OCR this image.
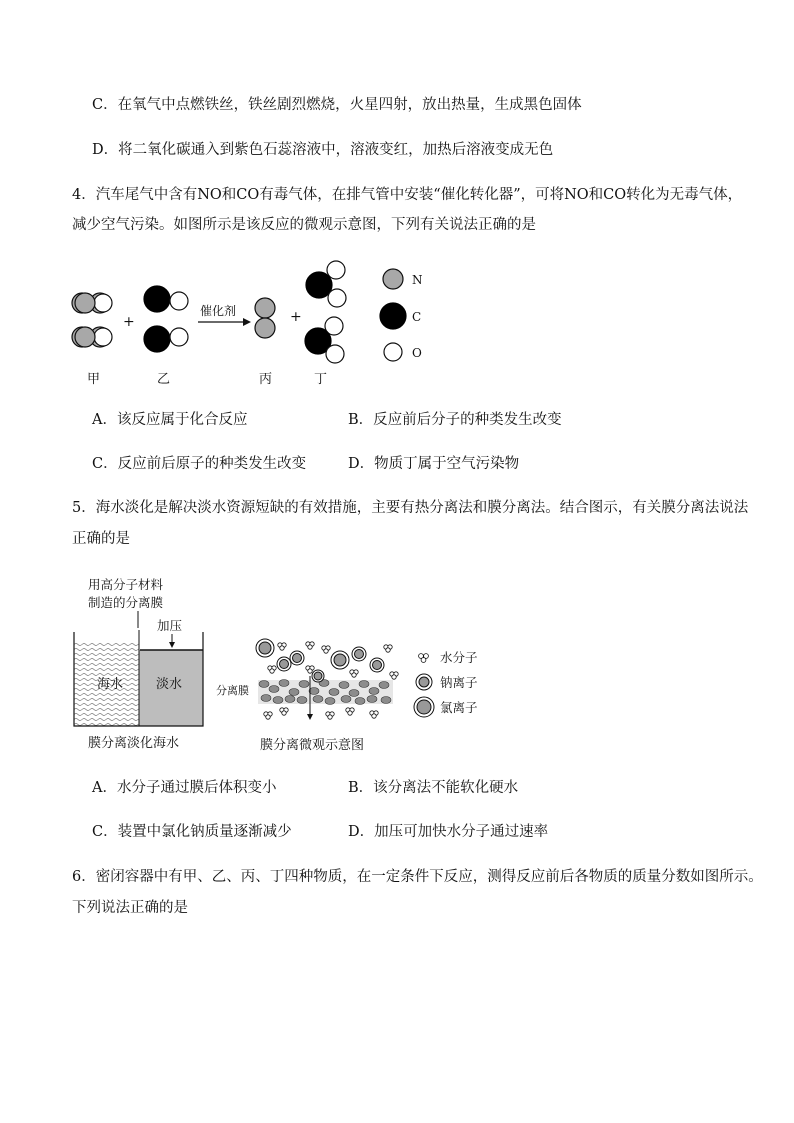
C．在氧气中点燃铁丝，铁丝剧烈燃烧，火星四射，放出热量，生成黑色固体
D．将二氧化碳通入到紫色石蕊溶液中，溶液变红，加热后溶液变成无色
4．汽车尾气中含有NO和CO有毒气体，在排气管中安装“催化转化器”，可将NO和CO转化为无毒气体，
减少空气污染。如图所示是该反应的微观示意图，下列有关说法正确的是
+
催化剂	+
N
C
O
甲	乙	丙	丁
A．该反应属于化合反应	B．反应前后分子的种类发生改变
C．反应前后原子的种类发生改变	D．物质丁属于空气污染物
5．海水淡化是解决淡水资源短缺的有效措施，主要有热分离法和膜分离法。结合图示，有关膜分离法说法
正确的是
用高分子材料
制造的分离膜
加压
海水	淡水
膜分离淡化海水
分离膜
膜分离微观示意图
水分子
钠离子
氯离子
A．水分子通过膜后体积变小	B．该分离法不能软化硬水
C．装置中氯化钠质量逐渐减少	D．加压可加快水分子通过速率
6．密闭容器中有甲、乙、丙、丁四种物质，在一定条件下反应，测得反应前后各物质的质量分数如图所示。
下列说法正确的是
